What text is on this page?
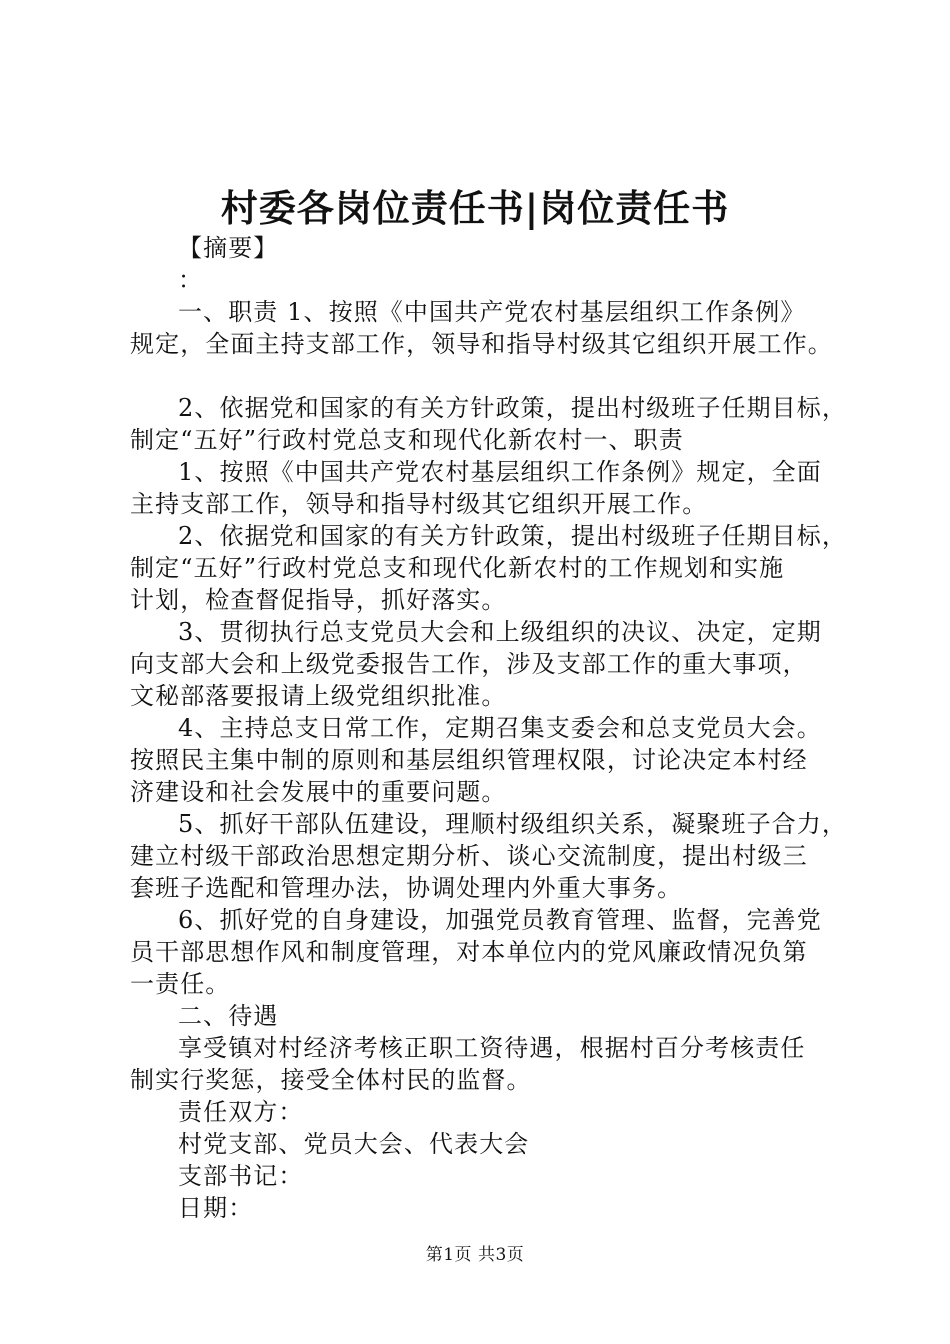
村委各岗位责任书|岗位责任书
【摘要】
：
一、职责 1、按照《中国共产党农村基层组织工作条例》
规定，全面主持支部工作，领导和指导村级其它组织开展工作。
2、依据党和国家的有关方针政策，提出村级班子任期目标，
制定“五好”行政村党总支和现代化新农村一、职责
1、按照《中国共产党农村基层组织工作条例》规定，全面
主持支部工作，领导和指导村级其它组织开展工作。
2、依据党和国家的有关方针政策，提出村级班子任期目标，
制定“五好”行政村党总支和现代化新农村的工作规划和实施
计划，检查督促指导，抓好落实。
3、贯彻执行总支党员大会和上级组织的决议、决定，定期
向支部大会和上级党委报告工作，涉及支部工作的重大事项，
文秘部落要报请上级党组织批准。
4、主持总支日常工作，定期召集支委会和总支党员大会。
按照民主集中制的原则和基层组织管理权限，讨论决定本村经
济建设和社会发展中的重要问题。
5、抓好干部队伍建设，理顺村级组织关系，凝聚班子合力，
建立村级干部政治思想定期分析、谈心交流制度，提出村级三
套班子选配和管理办法，协调处理内外重大事务。
6、抓好党的自身建设，加强党员教育管理、监督，完善党
员干部思想作风和制度管理，对本单位内的党风廉政情况负第
一责任。
二、待遇
享受镇对村经济考核正职工资待遇，根据村百分考核责任
制实行奖惩，接受全体村民的监督。
责任双方：
村党支部、党员大会、代表大会
支部书记：
日期：
第1页 共3页
